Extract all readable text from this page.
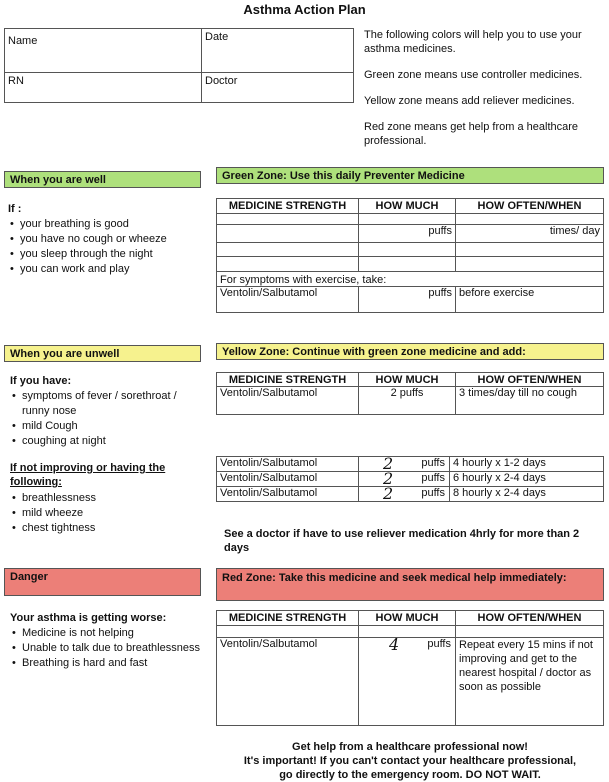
Asthma Action Plan
Name	Date
RN	Doctor

The following colors will help you to use your asthma medicines.

Green zone means use controller medicines.

Yellow zone means add reliever medicines.

Red zone means get help from a healthcare professional.

When you are well	Green Zone: Use this daily Preventer Medicine
If :
• your breathing is good
• you have no cough or wheeze
• you sleep through the night
• you can work and play
MEDICINE STRENGTH	HOW MUCH	HOW OFTEN/WHEN

	puffs	times/ day

For symptoms with exercise, take:		
Ventolin/Salbutamol	puffs	before exercise
When you are unwell	Yellow Zone: Continue with green zone medicine and add:
If you have:
• symptoms of fever / sorethroat / runny nose
• mild Cough
• coughing at night
If not improving or having the following:
• breathlessness
• mild wheeze
• chest tightness
MEDICINE STRENGTH	HOW MUCH	HOW OFTEN/WHEN
Ventolin/Salbutamol	2 puffs	3 times/day till no cough
Ventolin/Salbutamol	2 puffs	4 hourly x 1-2 days
Ventolin/Salbutamol	2 puffs	6 hourly x 2-4 days
Ventolin/Salbutamol	2 puffs	8 hourly x 2-4 days
See a doctor if have to use reliever medication 4hrly for more than 2 days
Danger	Red Zone: Take this medicine and seek medical help immediately:
Your asthma is getting worse:
• Medicine is not helping
• Unable to talk due to breathlessness
• Breathing is hard and fast
MEDICINE STRENGTH	HOW MUCH	HOW OFTEN/WHEN

Ventolin/Salbutamol	4 puffs	Repeat every 15 mins if not improving and get to the nearest hospital / doctor as soon as possible
Get help from a healthcare professional now!
It's important! If you can't contact your healthcare professional,
go directly to the emergency room. DO NOT WAIT.
